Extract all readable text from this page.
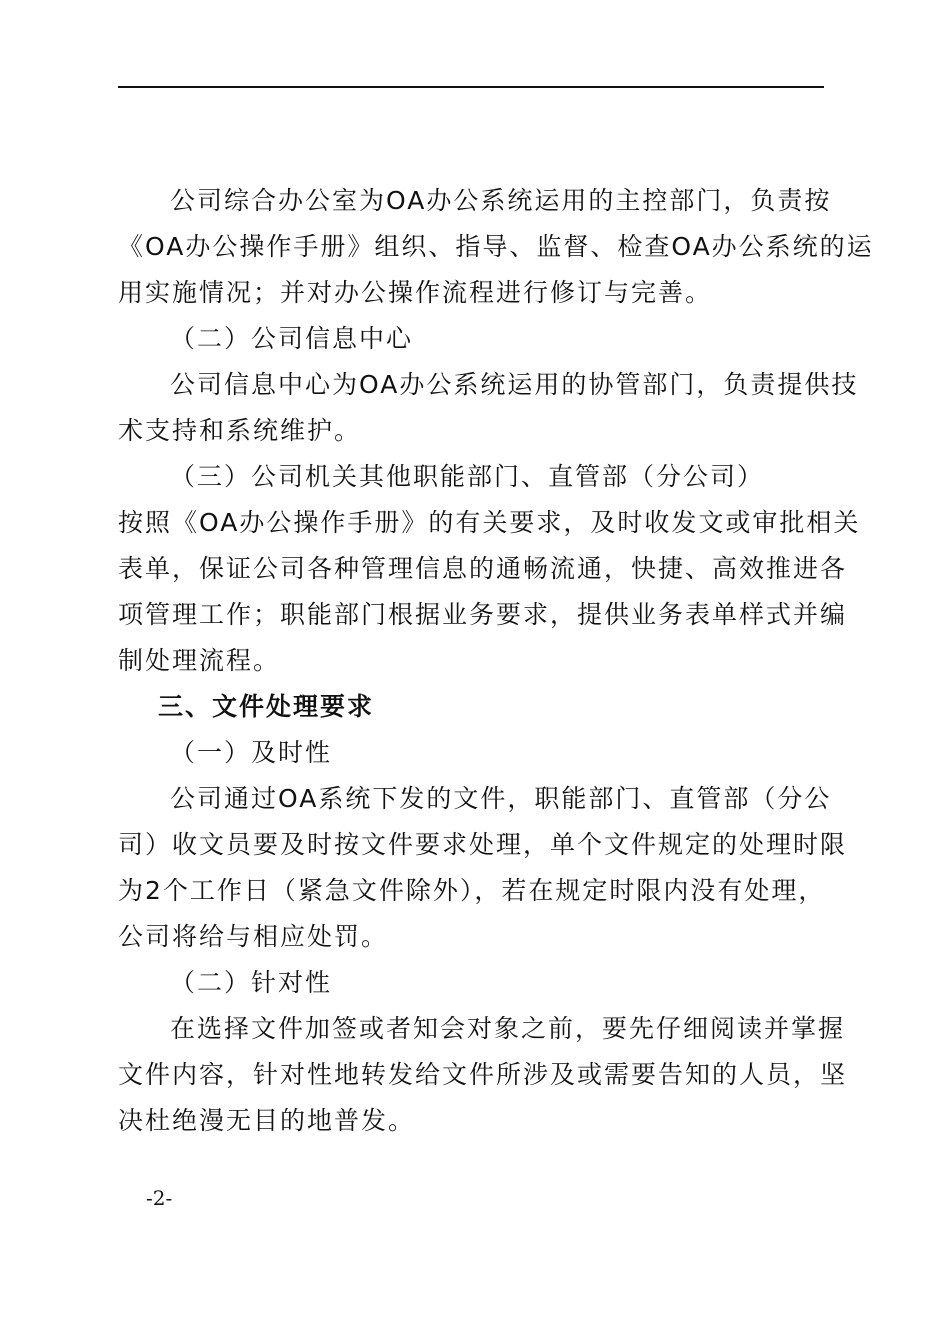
公司综合办公室为OA办公系统运用的主控部门，负责按
《OA办公操作手册》组织、指导、监督、检查OA办公系统的运
用实施情况；并对办公操作流程进行修订与完善。
（二）公司信息中心
公司信息中心为OA办公系统运用的协管部门，负责提供技
术支持和系统维护。
（三）公司机关其他职能部门、直管部（分公司）
按照《OA办公操作手册》的有关要求，及时收发文或审批相关
表单，保证公司各种管理信息的通畅流通，快捷、高效推进各
项管理工作；职能部门根据业务要求，提供业务表单样式并编
制处理流程。
三、文件处理要求
（一）及时性
公司通过OA系统下发的文件，职能部门、直管部（分公
司）收文员要及时按文件要求处理，单个文件规定的处理时限
为2个工作日（紧急文件除外），若在规定时限内没有处理，
公司将给与相应处罚。
（二）针对性
在选择文件加签或者知会对象之前，要先仔细阅读并掌握
文件内容，针对性地转发给文件所涉及或需要告知的人员，坚
决杜绝漫无目的地普发。
-2-
